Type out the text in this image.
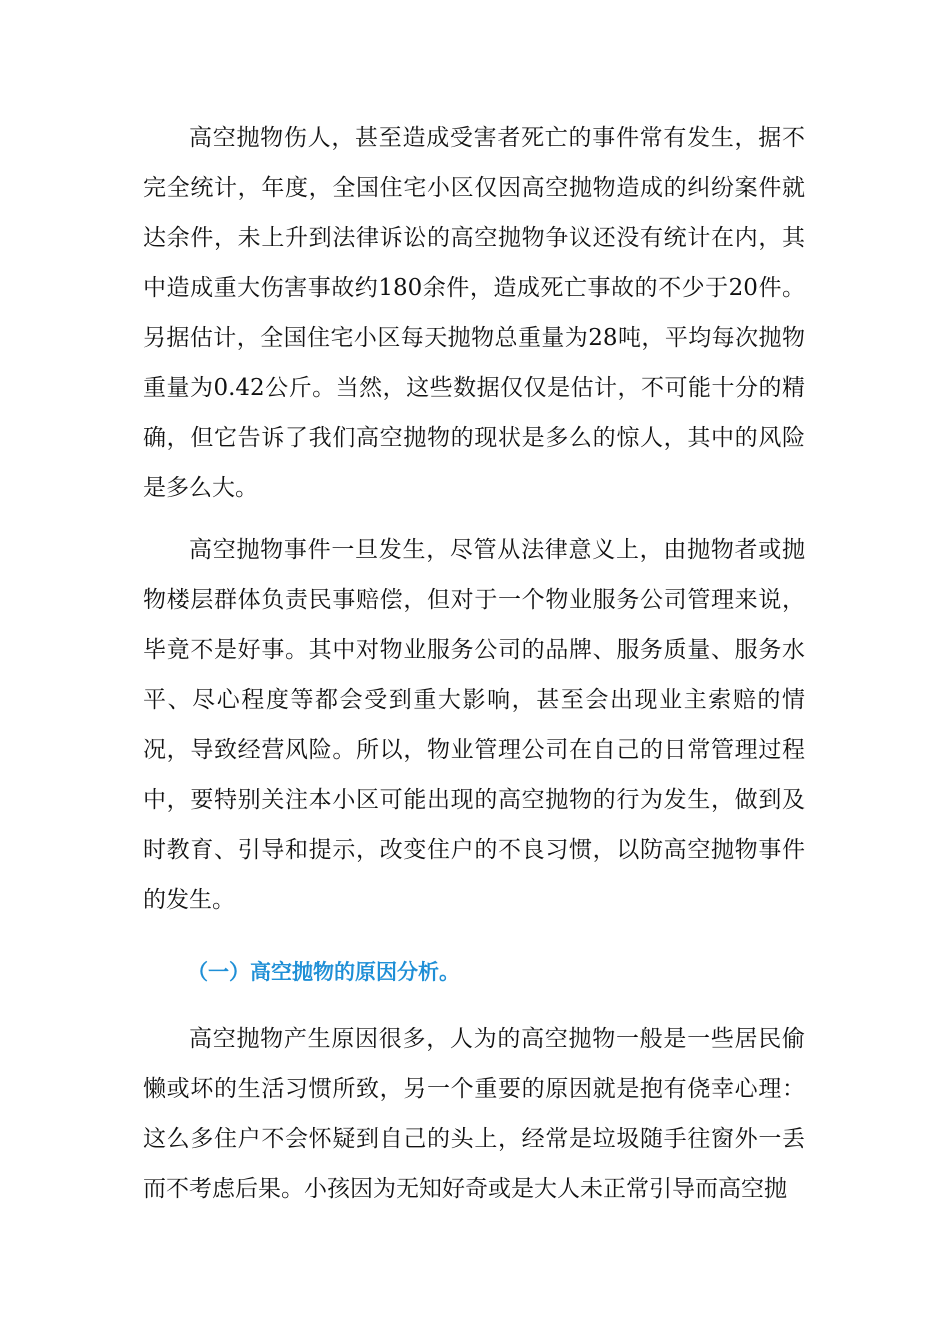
高空抛物伤人，甚至造成受害者死亡的事件常有发生，据不完全统计，年度，全国住宅小区仅因高空抛物造成的纠纷案件就达余件，未上升到法律诉讼的高空抛物争议还没有统计在内，其中造成重大伤害事故约180余件，造成死亡事故的不少于20件。另据估计，全国住宅小区每天抛物总重量为28吨，平均每次抛物重量为0.42公斤。当然，这些数据仅仅是估计，不可能十分的精确，但它告诉了我们高空抛物的现状是多么的惊人，其中的风险是多么大。

高空抛物事件一旦发生，尽管从法律意义上，由抛物者或抛物楼层群体负责民事赔偿，但对于一个物业服务公司管理来说，毕竟不是好事。其中对物业服务公司的品牌、服务质量、服务水平、尽心程度等都会受到重大影响，甚至会出现业主索赔的情况，导致经营风险。所以，物业管理公司在自己的日常管理过程中，要特别关注本小区可能出现的高空抛物的行为发生，做到及时教育、引导和提示，改变住户的不良习惯，以防高空抛物事件的发生。

（一）高空抛物的原因分析。

高空抛物产生原因很多，人为的高空抛物一般是一些居民偷懒或坏的生活习惯所致，另一个重要的原因就是抱有侥幸心理：这么多住户不会怀疑到自己的头上，经常是垃圾随手往窗外一丢而不考虑后果。小孩因为无知好奇或是大人未正常引导而高空抛
